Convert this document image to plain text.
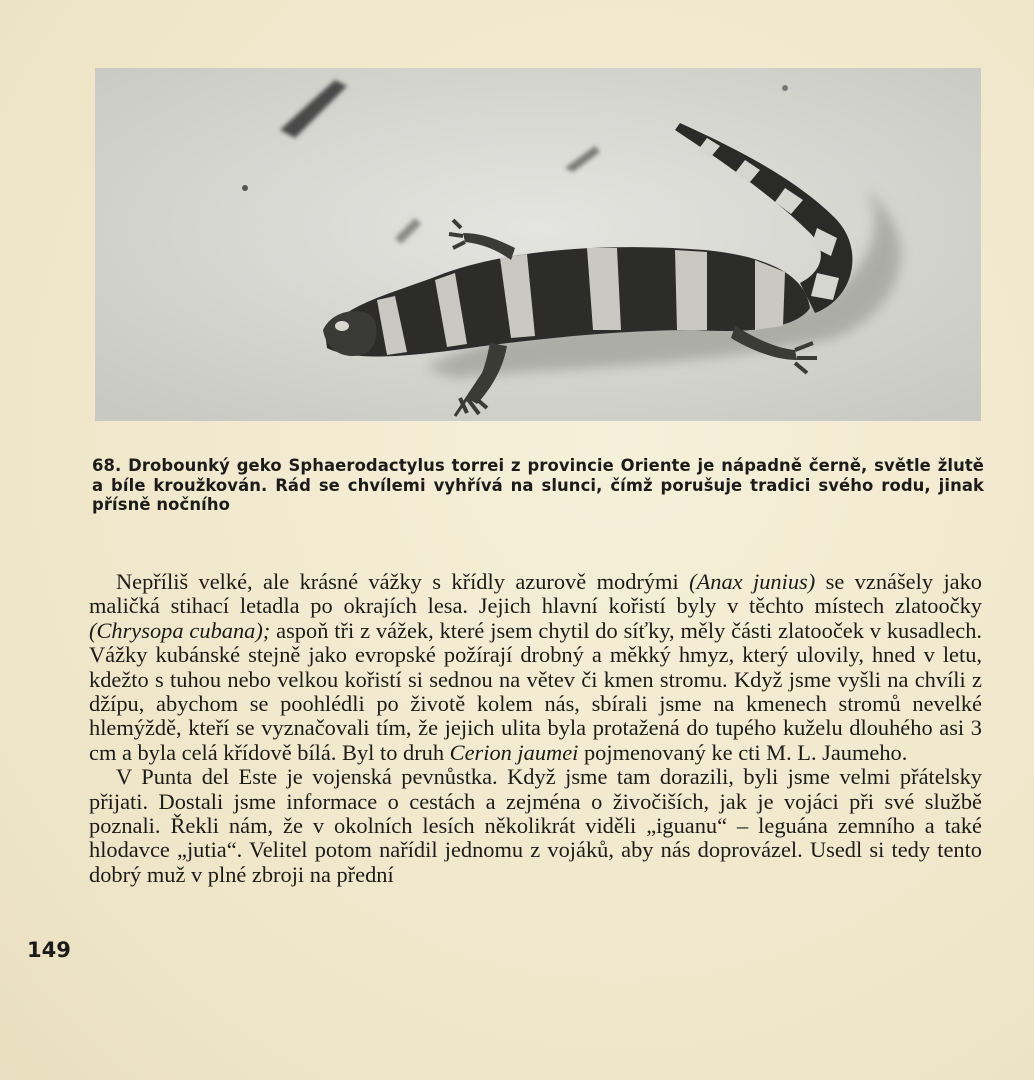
68. Drobounký geko Sphaerodactylus torrei z provincie Oriente je nápadně černě, světle žlutě a bíle kroužkován. Rád se chvílemi vyhřívá na slunci, čímž porušuje tradici svého rodu, jinak přísně nočního

Nepříliš velké, ale krásné vážky s křídly azurově modrými (Anax junius) se vznášely jako maličká stihací letadla po okrajích lesa. Jejich hlavní kořistí byly v těchto místech zlatoočky (Chrysopa cubana); aspoň tři z vážek, které jsem chytil do síťky, měly části zlatooček v kusadlech. Vážky kubánské stejně jako evropské požírají drobný a měkký hmyz, který ulovily, hned v letu, kdežto s tuhou nebo velkou kořistí si sednou na větev či kmen stromu. Když jsme vyšli na chvíli z džípu, abychom se poohlédli po životě kolem nás, sbírali jsme na kmenech stromů nevelké hlemýždě, kteří se vyznačovali tím, že jejich ulita byla protažená do tupého kuželu dlouhého asi 3 cm a byla celá křídově bílá. Byl to druh Cerion jaumei pojmenovaný ke cti M. L. Jaumeho.

V Punta del Este je vojenská pevnůstka. Když jsme tam dorazili, byli jsme velmi přátelsky přijati. Dostali jsme informace o cestách a zejména o živočiších, jak je vojáci při své službě poznali. Řekli nám, že v okolních lesích několikrát viděli „iguanu“ – leguána zemního a také hlodavce „jutia“. Velitel potom nařídil jednomu z vojáků, aby nás doprovázel. Usedl si tedy tento dobrý muž v plné zbroji na přední

149
